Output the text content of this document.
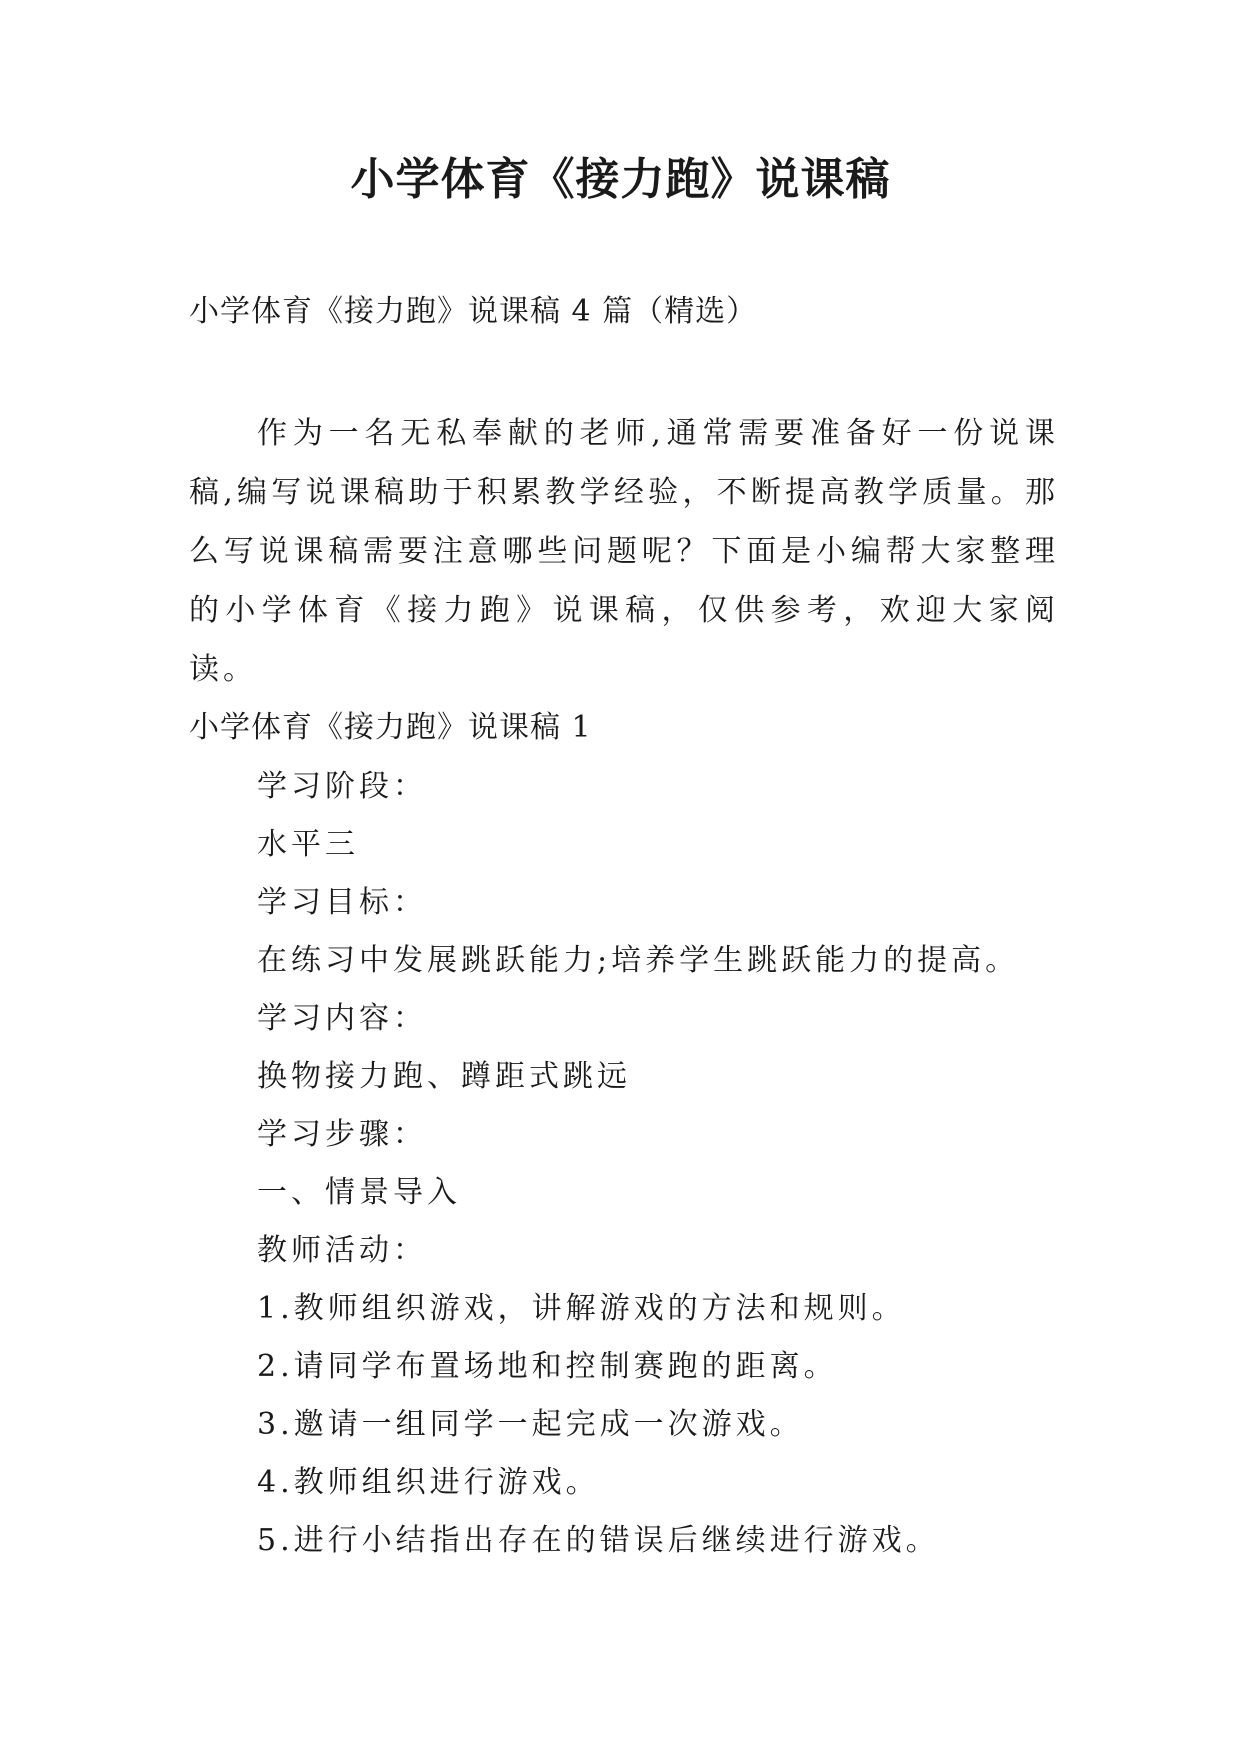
小学体育《接力跑》说课稿
小学体育《接力跑》说课稿 4 篇（精选）

作为一名无私奉献的老师,通常需要准备好一份说课稿,编写说课稿助于积累教学经验，不断提高教学质量。那么写说课稿需要注意哪些问题呢？下面是小编帮大家整理的小学体育《接力跑》说课稿，仅供参考，欢迎大家阅读。

小学体育《接力跑》说课稿 1
学习阶段：
水平三
学习目标：
在练习中发展跳跃能力;培养学生跳跃能力的提高。
学习内容：
换物接力跑、蹲距式跳远
学习步骤：
一、情景导入
教师活动：
1.教师组织游戏，讲解游戏的方法和规则。
2.请同学布置场地和控制赛跑的距离。
3.邀请一组同学一起完成一次游戏。
4.教师组织进行游戏。
5.进行小结指出存在的错误后继续进行游戏。
